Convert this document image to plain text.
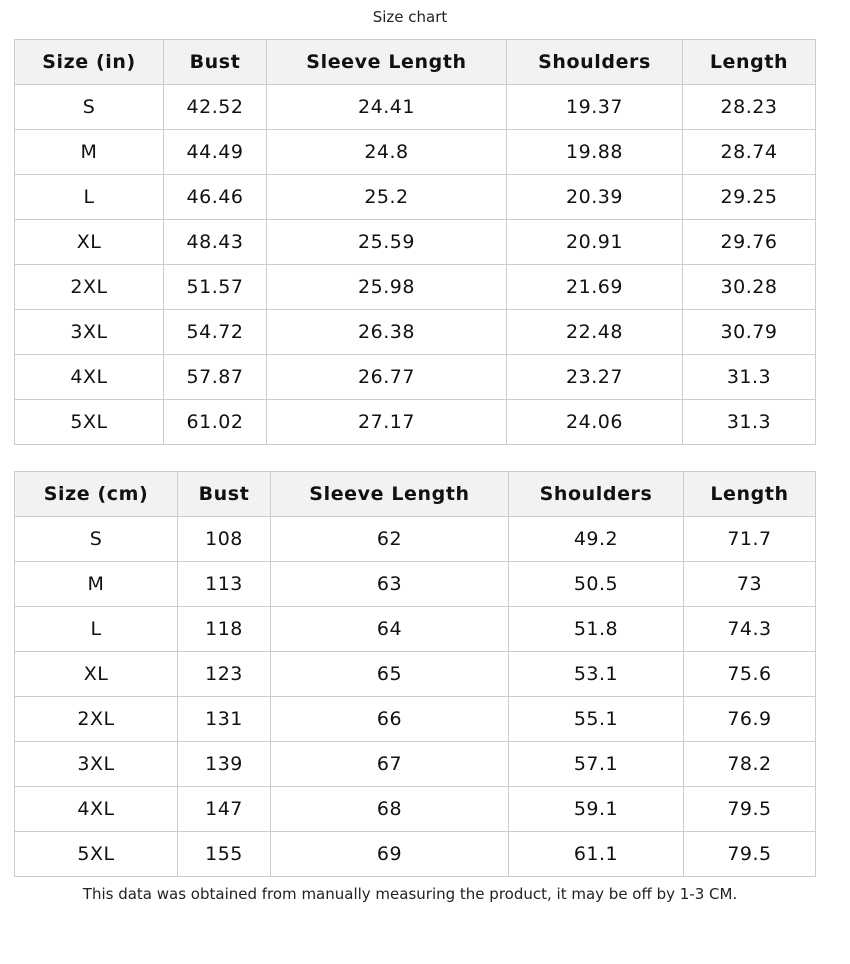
Size chart
Size (in)	Bust	Sleeve Length	Shoulders	Length
S	42.52	24.41	19.37	28.23
M	44.49	24.8	19.88	28.74
L	46.46	25.2	20.39	29.25
XL	48.43	25.59	20.91	29.76
2XL	51.57	25.98	21.69	30.28
3XL	54.72	26.38	22.48	30.79
4XL	57.87	26.77	23.27	31.3
5XL	61.02	27.17	24.06	31.3
Size (cm)	Bust	Sleeve Length	Shoulders	Length
S	108	62	49.2	71.7
M	113	63	50.5	73
L	118	64	51.8	74.3
XL	123	65	53.1	75.6
2XL	131	66	55.1	76.9
3XL	139	67	57.1	78.2
4XL	147	68	59.1	79.5
5XL	155	69	61.1	79.5
This data was obtained from manually measuring the product, it may be off by 1-3 CM.
